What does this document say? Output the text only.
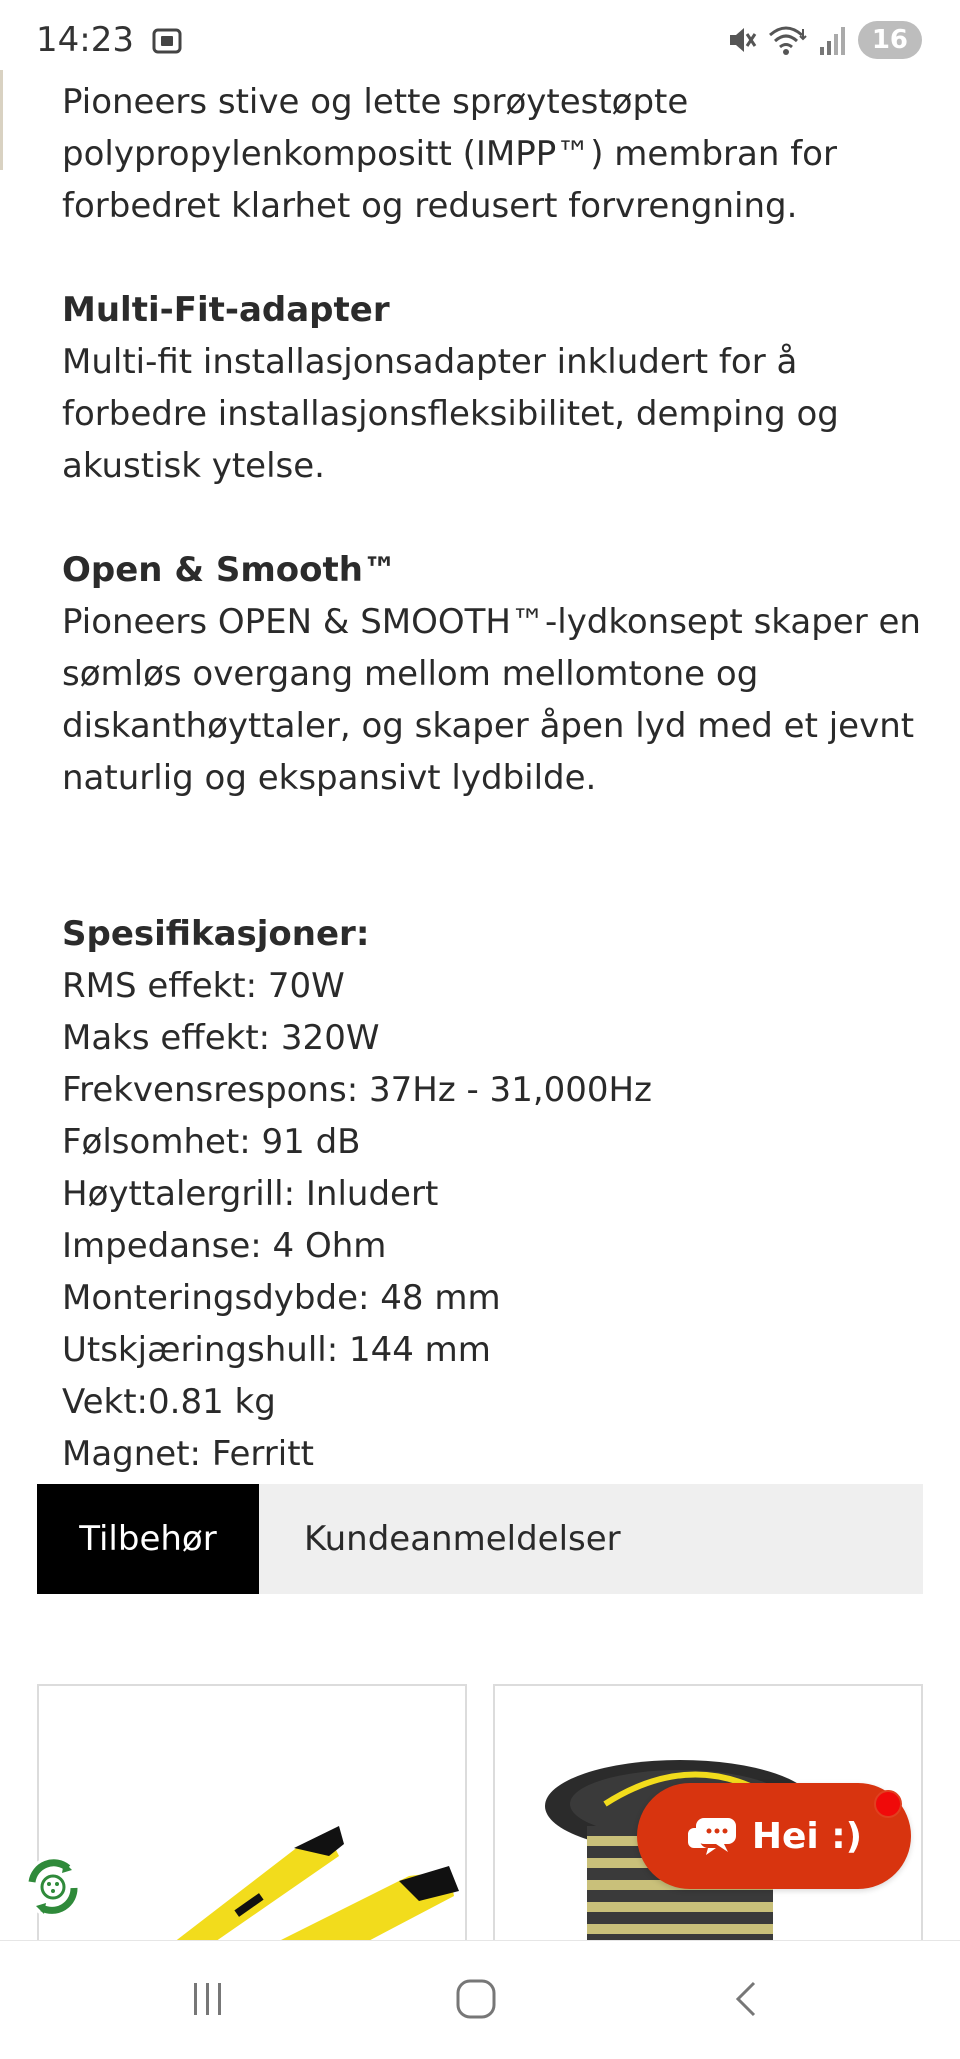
14:23	16

Pioneers stive og lette sprøytestøpte polypropylenkompositt (IMPP™) membran for forbedret klarhet og redusert forvrengning.

Multi-Fit-adapter

Multi-fit installasjonsadapter inkludert for å forbedre installasjonsfleksibilitet, demping og akustisk ytelse.

Open & Smooth™

Pioneers OPEN & SMOOTH™-lydkonsept skaper en sømløs overgang mellom mellomtone og diskanthøyttaler, og skaper åpen lyd med et jevnt naturlig og ekspansivt lydbilde.

Spesifikasjoner:

RMS effekt: 70W

Maks effekt: 320W

Frekvensrespons: 37Hz - 31,000Hz

Følsomhet: 91 dB

Høyttalergrill: Inludert

Impedanse: 4 Ohm

Monteringsdybde: 48 mm

Utskjæringshull: 144 mm

Vekt:0.81 kg

Magnet: Ferritt

Tilbehør	Kundeanmeldelser
Hei :)
